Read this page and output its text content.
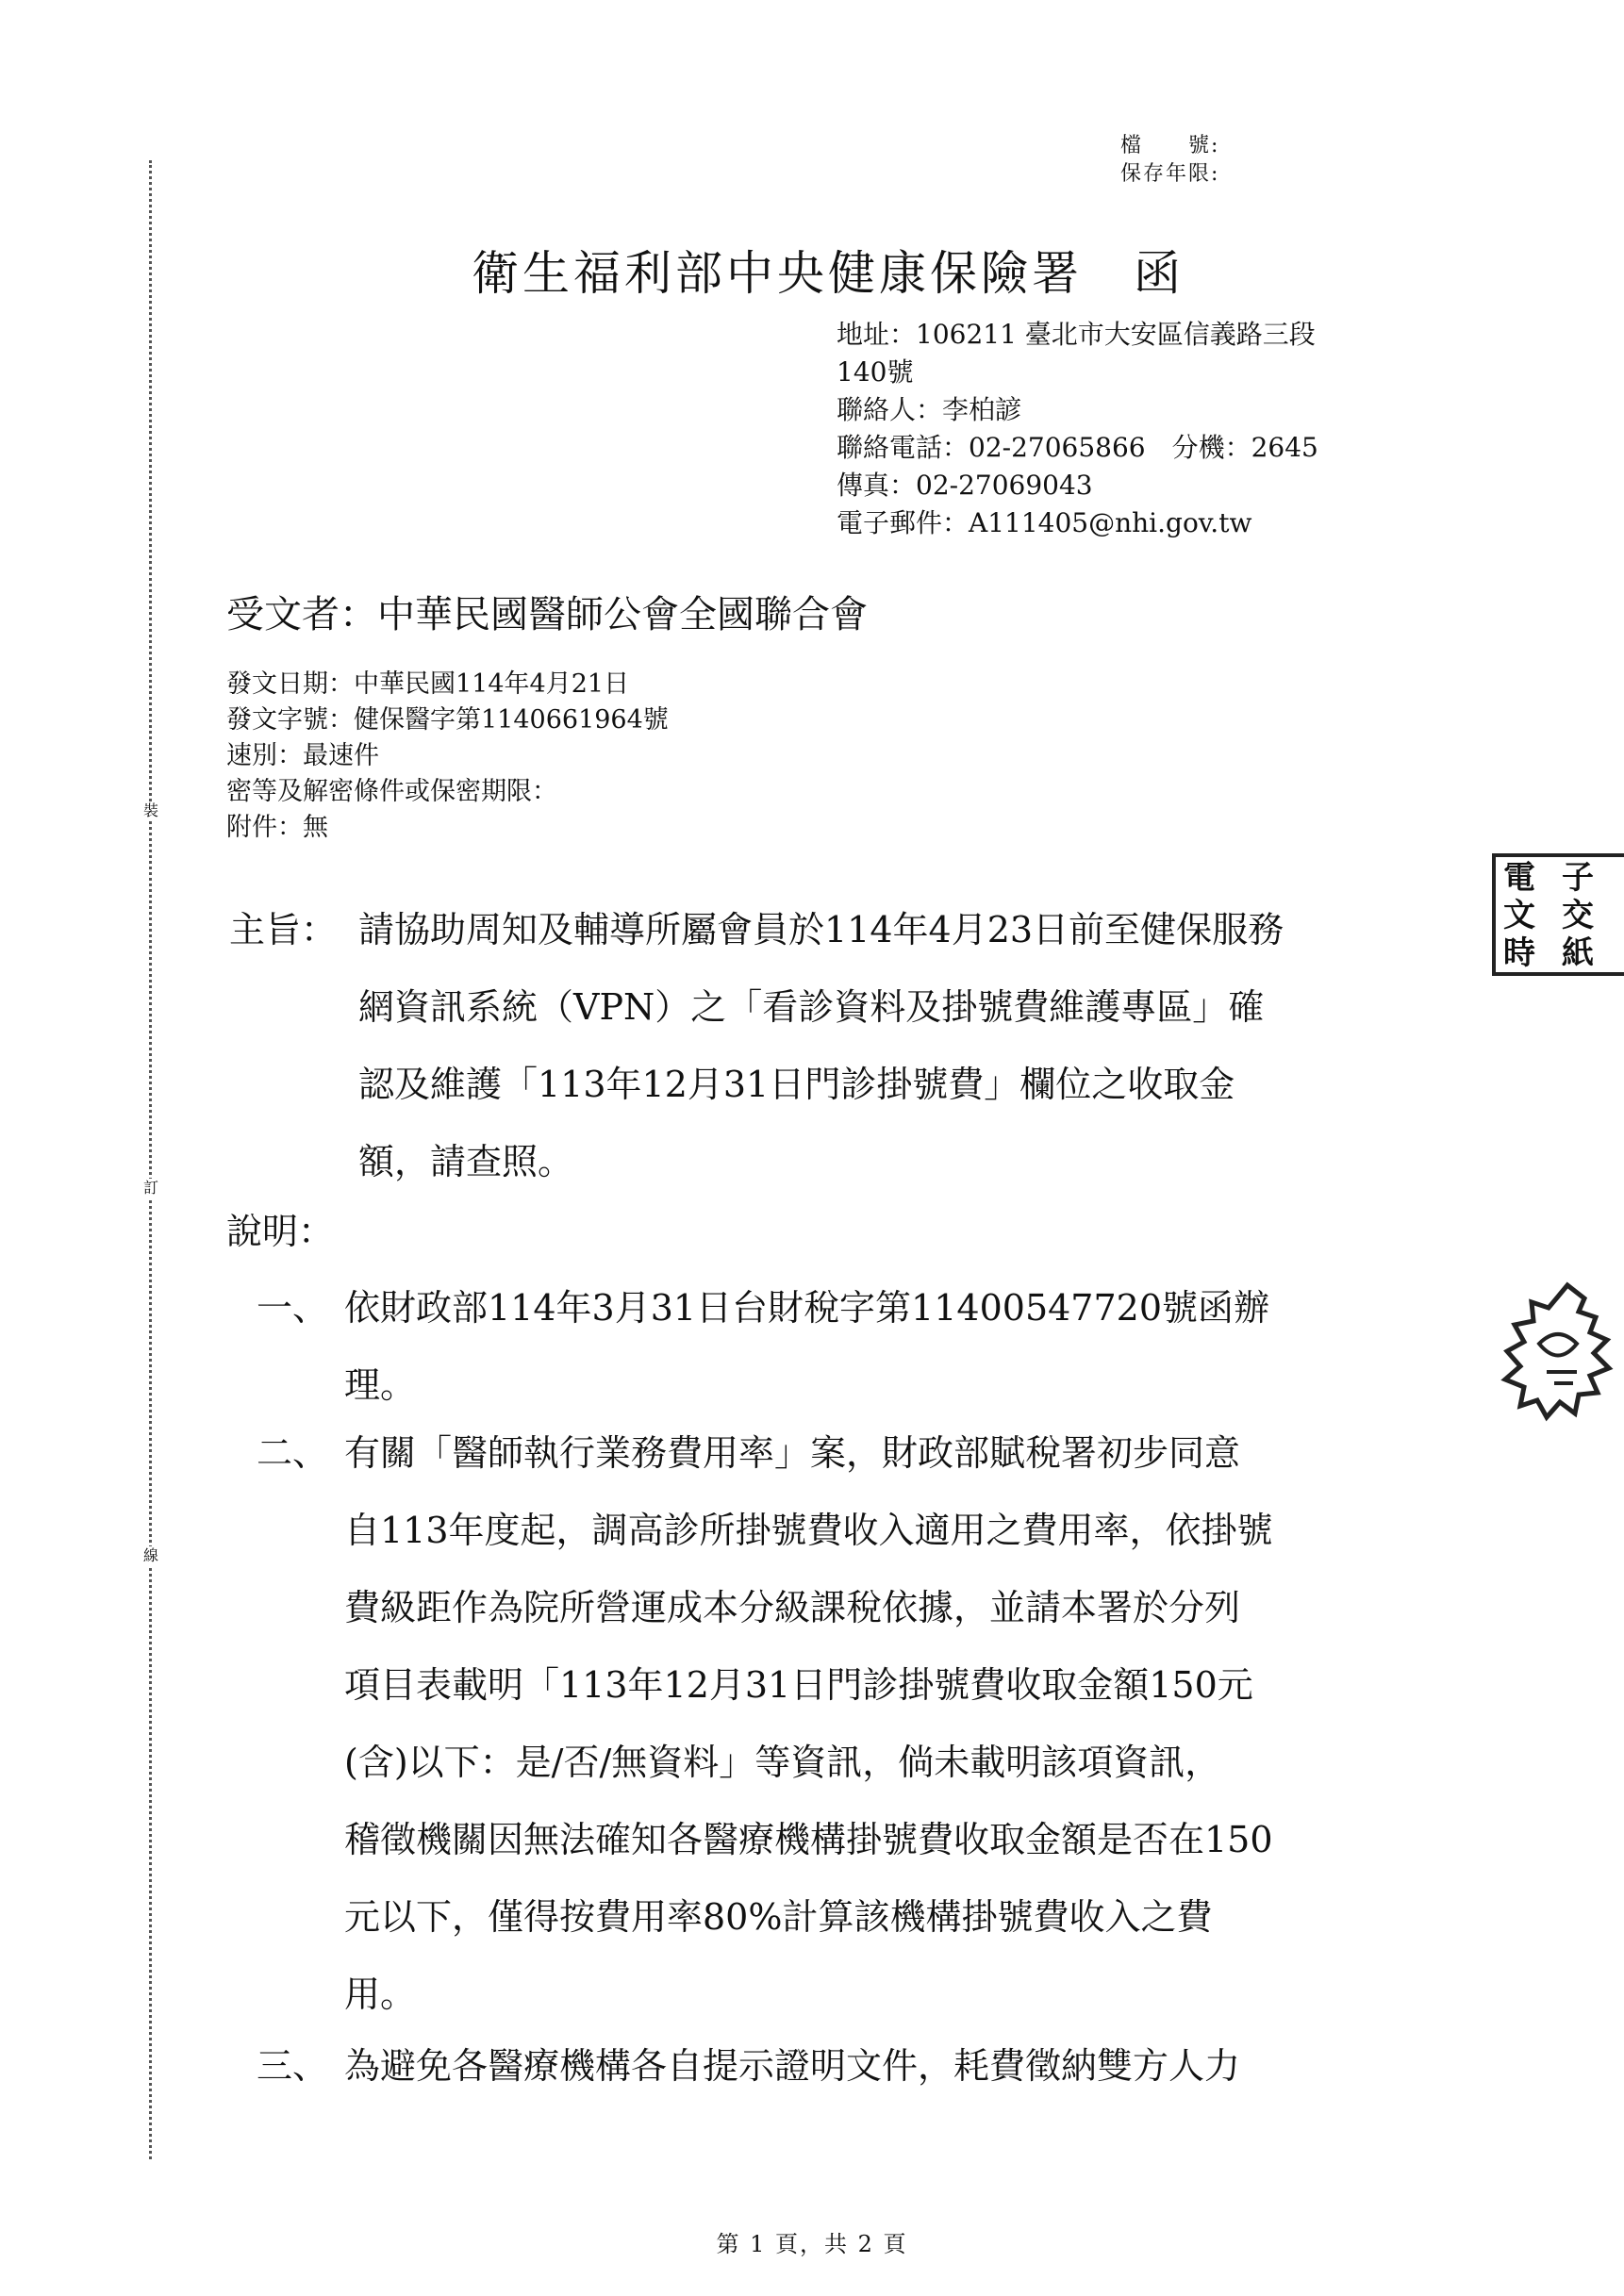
裝
訂
線
檔　　號:
保存年限:
衛生福利部中央健康保險署　函
地址：106211 臺北市大安區信義路三段
140號
聯絡人：李柏諺
聯絡電話：02-27065866　分機：2645
傳真：02-27069043
電子郵件：A111405@nhi.gov.tw
受文者：中華民國醫師公會全國聯合會
發文日期：中華民國114年4月21日
發文字號：健保醫字第1140661964號
速別：最速件
密等及解密條件或保密期限：
附件：無
主旨： 請協助周知及輔導所屬會員於114年4月23日前至健保服務
網資訊系統（VPN）之「看診資料及掛號費維護專區」確
認及維護「113年12月31日門診掛號費」欄位之收取金
額，請查照。
說明：
一、 依財政部114年3月31日台財稅字第11400547720號函辦
理。
二、 有關「醫師執行業務費用率」案，財政部賦稅署初步同意
自113年度起，調高診所掛號費收入適用之費用率，依掛號
費級距作為院所營運成本分級課稅依據，並請本署於分列
項目表載明「113年12月31日門診掛號費收取金額150元
(含)以下：是/否/無資料」等資訊，倘未載明該項資訊，
稽徵機關因無法確知各醫療機構掛號費收取金額是否在150
元以下，僅得按費用率80%計算該機構掛號費收入之費
用。
三、 為避免各醫療機構各自提示證明文件，耗費徵納雙方人力
第 1 頁，共 2 頁
電 子
文 交
時 紙
